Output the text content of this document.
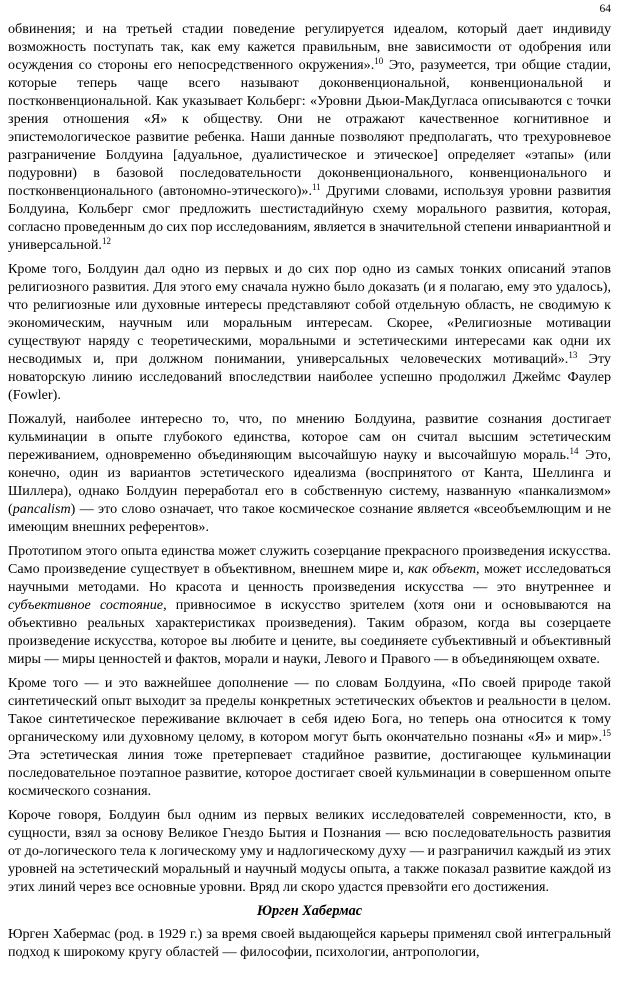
64

обвинения; и на третьей стадии поведение регулируется идеалом, который дает индивиду возможность поступать так, как ему кажется правильным, вне зависимости от одобрения или осуждения со стороны его непосредственного окружения».$^{10}$ Это, разумеется, три общие стадии, которые теперь чаще всего называют доконвенциональной, конвенциональной и постконвенциональной. Как указывает Кольберг: «Уровни Дьюи-МакДугласа описываются с точки зрения отношения «Я» к обществу. Они не отражают качественное когнитивное и эпистемологическое развитие ребенка. Наши данные позволяют предполагать, что трехуровневое разграничение Болдуина [адуальное, дуалистическое и этическое] определяет «этапы» (или подуровни) в базовой последовательности доконвенционального, конвенционального и постконвенционального (автономно-этического)».$^{11}$ Другими словами, используя уровни развития Болдуина, Кольберг смог предложить шестистадийную схему морального развития, которая, согласно проведенным до сих пор исследованиям, является в значительной степени инвариантной и универсальной.$^{12}$

Кроме того, Болдуин дал одно из первых и до сих пор одно из самых тонких описаний этапов религиозного развития. Для этого ему сначала нужно было доказать (и я полагаю, ему это удалось), что религиозные или духовные интересы представляют собой отдельную область, не сводимую к экономическим, научным или моральным интересам. Скорее, «Религиозные мотивации существуют наряду с теоретическими, моральными и эстетическими интересами как одни их несводимых и, при должном понимании, универсальных человеческих мотиваций».$^{13}$ Эту новаторскую линию исследований впоследствии наиболее успешно продолжил Джеймс Фаулер (Fowler).

Пожалуй, наиболее интересно то, что, по мнению Болдуина, развитие сознания достигает кульминации в опыте глубокого единства, которое сам он считал высшим эстетическим переживанием, одновременно объединяющим высочайшую науку и высочайшую мораль.$^{14}$ Это, конечно, один из вариантов эстетического идеализма (воспринятого от Канта, Шеллинга и Шиллера), однако Болдуин переработал его в собственную систему, названную «панкализмом» (pancalism) — это слово означает, что такое космическое сознание является «всеобъемлющим и не имеющим внешних референтов».

Прототипом этого опыта единства может служить созерцание прекрасного произведения искусства. Само произведение существует в объективном, внешнем мире и, как объект, может исследоваться научными методами. Но красота и ценность произведения искусства — это внутреннее и субъективное состояние, привносимое в искусство зрителем (хотя они и основываются на объективно реальных характеристиках произведения). Таким образом, когда вы созерцаете произведение искусства, которое вы любите и цените, вы соединяете субъективный и объективный миры — миры ценностей и фактов, морали и науки, Левого и Правого — в объединяющем охвате.

Кроме того — и это важнейшее дополнение — по словам Болдуина, «По своей природе такой синтетический опыт выходит за пределы конкретных эстетических объектов и реальности в целом. Такое синтетическое переживание включает в себя идею Бога, но теперь она относится к тому органическому или духовному целому, в котором могут быть окончательно познаны «Я» и мир».$^{15}$ Эта эстетическая линия тоже претерпевает стадийное развитие, достигающее кульминации последовательное поэтапное развитие, которое достигает своей кульминации в совершенном опыте космического сознания.

Короче говоря, Болдуин был одним из первых великих исследователей современности, кто, в сущности, взял за основу Великое Гнездо Бытия и Познания — всю последовательность развития от до-логического тела к логическому уму и надлогическому духу — и разграничил каждый из этих уровней на эстетический моральный и научный модусы опыта, а также показал развитие каждой из этих линий через все основные уровни. Вряд ли скоро удастся превзойти его достижения.

Юрген Хабермас

Юрген Хабермас (род. в 1929 г.) за время своей выдающейся карьеры применял свой интегральный подход к широкому кругу областей — философии, психологии, антропологии,
